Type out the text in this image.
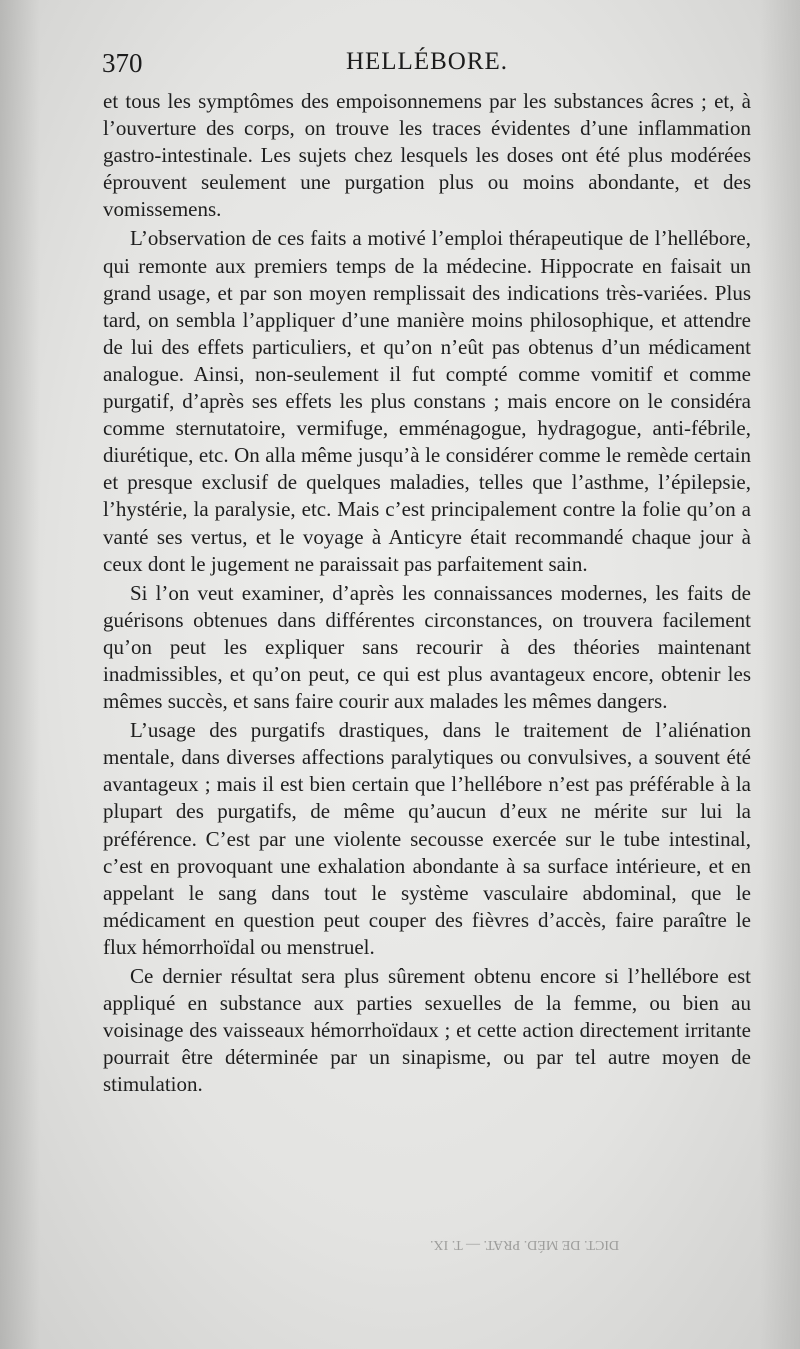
370	HELLÉBORE.

et tous les symptômes des empoisonnemens par les substances âcres ; et, à l’ouverture des corps, on trouve les traces évidentes d’une inflammation gastro-intestinale. Les sujets chez lesquels les doses ont été plus modérées éprouvent seulement une purgation plus ou moins abondante, et des vomissemens.

L’observation de ces faits a motivé l’emploi thérapeutique de l’hellébore, qui remonte aux premiers temps de la médecine. Hippocrate en faisait un grand usage, et par son moyen remplissait des indications très-variées. Plus tard, on sembla l’appliquer d’une manière moins philosophique, et attendre de lui des effets particuliers, et qu’on n’eût pas obtenus d’un médicament analogue. Ainsi, non-seulement il fut compté comme vomitif et comme purgatif, d’après ses effets les plus constans ; mais encore on le considéra comme sternutatoire, vermifuge, emménagogue, hydragogue, anti-fébrile, diurétique, etc. On alla même jusqu’à le considérer comme le remède certain et presque exclusif de quelques maladies, telles que l’asthme, l’épilepsie, l’hystérie, la paralysie, etc. Mais c’est principalement contre la folie qu’on a vanté ses vertus, et le voyage à Anticyre était recommandé chaque jour à ceux dont le jugement ne paraissait pas parfaitement sain.

Si l’on veut examiner, d’après les connaissances modernes, les faits de guérisons obtenues dans différentes circonstances, on trouvera facilement qu’on peut les expliquer sans recourir à des théories maintenant inadmissibles, et qu’on peut, ce qui est plus avantageux encore, obtenir les mêmes succès, et sans faire courir aux malades les mêmes dangers.

L’usage des purgatifs drastiques, dans le traitement de l’aliénation mentale, dans diverses affections paralytiques ou convulsives, a souvent été avantageux ; mais il est bien certain que l’hellébore n’est pas préférable à la plupart des purgatifs, de même qu’aucun d’eux ne mérite sur lui la préférence. C’est par une violente secousse exercée sur le tube intestinal, c’est en provoquant une exhalation abondante à sa surface intérieure, et en appelant le sang dans tout le système vasculaire abdominal, que le médicament en question peut couper des fièvres d’accès, faire paraître le flux hémorrhoïdal ou menstruel.

Ce dernier résultat sera plus sûrement obtenu encore si l’hellébore est appliqué en substance aux parties sexuelles de la femme, ou bien au voisinage des vaisseaux hémorrhoïdaux ; et cette action directement irritante pourrait être déterminée par un sinapisme, ou par tel autre moyen de stimulation.

DICT. DE MÉD. PRAT. — T. IX.
